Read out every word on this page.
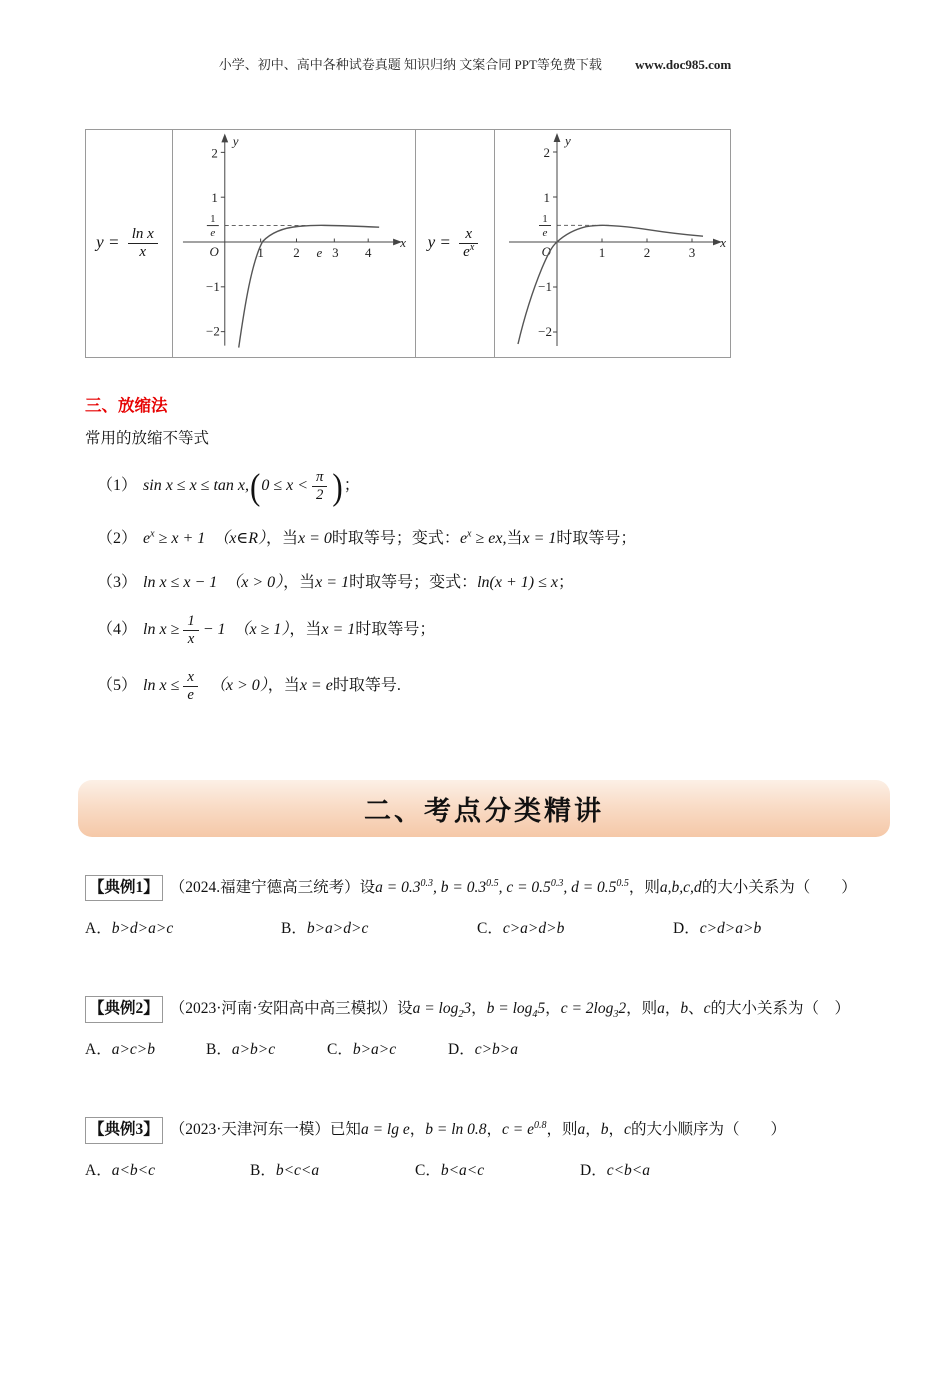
小学、初中、高中各种试卷真题 知识归纳 文案合同 PPT等免费下载	www.doc985.com
$y = \frac{\text{ln x}}{x}$
y
x
2
1
−1
−2
O	1 2 e 3 4
1
e	$y = \frac{x}{e^x}$
y
x
2
1
−1
−2
O	1	2	3
1
e
三、放缩法
常用的放缩不等式
（1） $\sin x \le x \le \tan x,(0 \le x < \frac{\pi}{2}$ )；
（2） $e^x \ge x + 1$ （x∈R），当x = 0时取等号；变式：$e^x$ ≥ ex,当x = 1时取等号；
（3） ln x ≤ x − 1 （x > 0），当x = 1时取等号；变式：ln(x + 1) ≤ x；
（4） $\ln x \ge \frac{1}{x} - 1$ （x ≥ 1），当x = 1时取等号；
（5） $\ln x \le \frac{x}{e} (x > 0)$，当x = e时取等号.
二、考点分类精讲
【典例1】 （2024.福建宁德高三统考）设$a = 0.3^{0.3}$, $b = 0.3^{0.5}$, $c = 0.5^{0.3}$, $d = 0.5^{0.5}$，则a,b,c,d的大小关系为（　　）
A．b>d>a>c	B．b>a>d>c	C．c>a>d>b	D．c>d>a>b
【典例2】 （2023·河南·安阳高中高三模拟）设$a = \log_23$，$b = \log_45$，$c = 2\log_32$，则a，b、c的大小关系为（　）
A．a>c>b	B．a>b>c	C．b>a>c	D．c>b>a
【典例3】 （2023·天津河东一模）已知a = lg e，b = ln 0.8，$c = e^{0.8}$，则a，b，c的大小顺序为（　　）
A．a<b<c	B．b<c<a	C．b<a<c	D．c<b<a
